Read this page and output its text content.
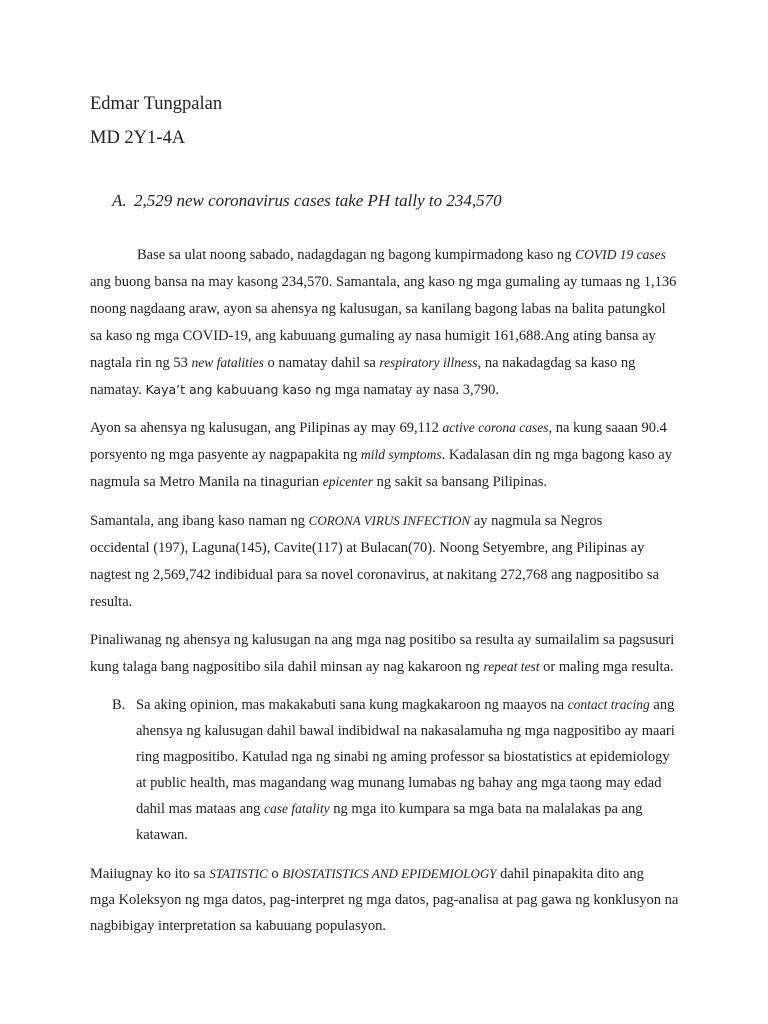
Edmar Tungpalan
MD 2Y1-4A
A. 2,529 new coronavirus cases take PH tally to 234,570
Base sa ulat noong sabado, nadagdagan ng bagong kumpirmadong kaso ng COVID 19 cases
ang buong bansa na may kasong 234,570. Samantala, ang kaso ng mga gumaling ay tumaas ng 1,136
noong nagdaang araw, ayon sa ahensya ng kalusugan, sa kanilang bagong labas na balita patungkol
sa kaso ng mga COVID-19, ang kabuuang gumaling ay nasa humigit 161,688.Ang ating bansa ay
nagtala rin ng 53 new fatalities o namatay dahil sa respiratory illness, na nakadagdag sa kaso ng
namatay. Kaya’t ang kabuuang kaso ng mga namatay ay nasa 3,790.
Ayon sa ahensya ng kalusugan, ang Pilipinas ay may 69,112 active corona cases, na kung saaan 90.4
porsyento ng mga pasyente ay nagpapakita ng mild symptoms. Kadalasan din ng mga bagong kaso ay
nagmula sa Metro Manila na tinagurian epicenter ng sakit sa bansang Pilipinas.
Samantala, ang ibang kaso naman ng CORONA VIRUS INFECTION ay nagmula sa Negros
occidental (197), Laguna(145), Cavite(117) at Bulacan(70). Noong Setyembre, ang Pilipinas ay
nagtest ng 2,569,742 indibidual para sa novel coronavirus, at nakitang 272,768 ang nagpositibo sa
resulta.
Pinaliwanag ng ahensya ng kalusugan na ang mga nag positibo sa resulta ay sumailalim sa pagsusuri
kung talaga bang nagpositibo sila dahil minsan ay nag kakaroon ng repeat test or maling mga resulta.
B. Sa aking opinion, mas makakabuti sana kung magkakaroon ng maayos na contact tracing ang
ahensya ng kalusugan dahil bawal indibidwal na nakasalamuha ng mga nagpositibo ay maari
ring magpositibo. Katulad nga ng sinabi ng aming professor sa biostatistics at epidemiology
at public health, mas magandang wag munang lumabas ng bahay ang mga taong may edad
dahil mas mataas ang case fatality ng mga ito kumpara sa mga bata na malalakas pa ang
katawan.
Maiiugnay ko ito sa STATISTIC o BIOSTATISTICS AND EPIDEMIOLOGY dahil pinapakita dito ang
mga Koleksyon ng mga datos, pag-interpret ng mga datos, pag-analisa at pag gawa ng konklusyon na
nagbibigay interpretation sa kabuuang populasyon.
